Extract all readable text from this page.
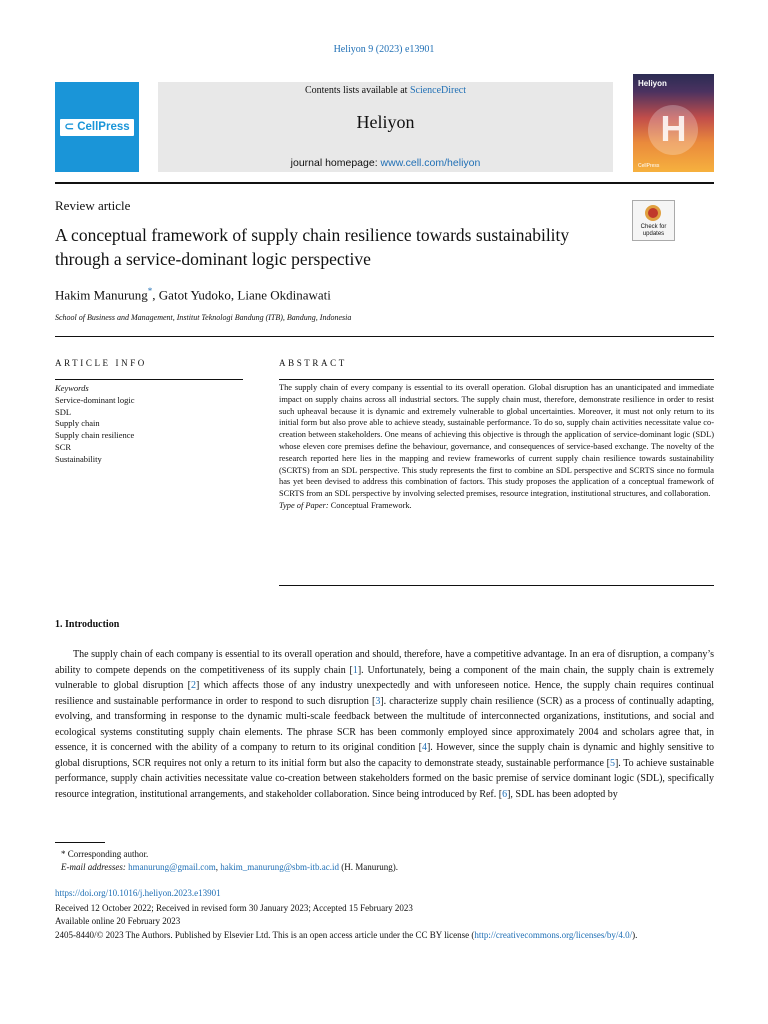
Heliyon 9 (2023) e13901
⊂ CellPress
Contents lists available at ScienceDirect
Heliyon
journal homepage: www.cell.com/heliyon
Heliyon
H
CellPress
Review article
A conceptual framework of supply chain resilience towards sustainability through a service-dominant logic perspective
Check for
updates
Hakim Manurung*, Gatot Yudoko, Liane Okdinawati
School of Business and Management, Institut Teknologi Bandung (ITB), Bandung, Indonesia
ARTICLE INFO	ABSTRACT
Keywords
Service-dominant logic
SDL
Supply chain
Supply chain resilience
SCR
Sustainability
The supply chain of every company is essential to its overall operation. Global disruption has an unanticipated and immediate impact on supply chains across all industrial sectors. The supply chain must, therefore, demonstrate resilience in order to resist such upheaval because it is dynamic and extremely vulnerable to global uncertainties. Moreover, it must not only return to its initial form but also prove able to achieve steady, sustainable performance. To do so, supply chain activities necessitate value co-creation between stakeholders. One means of achieving this objective is through the application of service-dominant logic (SDL) whose eleven core premises define the behaviour, governance, and consequences of service-based exchange. The novelty of the research reported here lies in the mapping and review frameworks of current supply chain resilience towards sustainability (SCRTS) from an SDL perspective. This study represents the first to combine an SDL perspective and SCRTS since no formula has yet been devised to address this combination of factors. This study proposes the application of a conceptual framework of SCRTS from an SDL perspective by involving selected premises, resource integration, institutional structures, and collaboration.
Type of Paper: Conceptual Framework.
1. Introduction
The supply chain of each company is essential to its overall operation and should, therefore, have a competitive advantage. In an era of disruption, a company’s ability to compete depends on the competitiveness of its supply chain [1]. Unfortunately, being a component of the main chain, the supply chain is extremely vulnerable to global disruption [2] which affects those of any industry unexpectedly and with unforeseen notice. Hence, the supply chain requires continual resilience and sustainable performance in order to respond to such disruption [3]. characterize supply chain resilience (SCR) as a process of continually adapting, evolving, and transforming in response to the dynamic multi-scale feedback between the multitude of interconnected organizations, institutions, and social and ecological systems constituting supply chain elements. The phrase SCR has been commonly employed since approximately 2004 and scholars agree that, in essence, it is concerned with the ability of a company to return to its original condition [4]. However, since the supply chain is dynamic and highly sensitive to global disruptions, SCR requires not only a return to its initial form but also the capacity to demonstrate steady, sustainable performance [5]. To achieve sustainable performance, supply chain activities necessitate value co-creation between stakeholders formed on the basic premise of service dominant logic (SDL), specifically resource integration, institutional arrangements, and stakeholder collaboration. Since being introduced by Ref. [6], SDL has been adopted by
* Corresponding author.
E-mail addresses: hmanurung@gmail.com, hakim_manurung@sbm-itb.ac.id (H. Manurung).
https://doi.org/10.1016/j.heliyon.2023.e13901
Received 12 October 2022; Received in revised form 30 January 2023; Accepted 15 February 2023
Available online 20 February 2023
2405-8440/© 2023 The Authors. Published by Elsevier Ltd. This is an open access article under the CC BY license (http://creativecommons.org/licenses/by/4.0/).
